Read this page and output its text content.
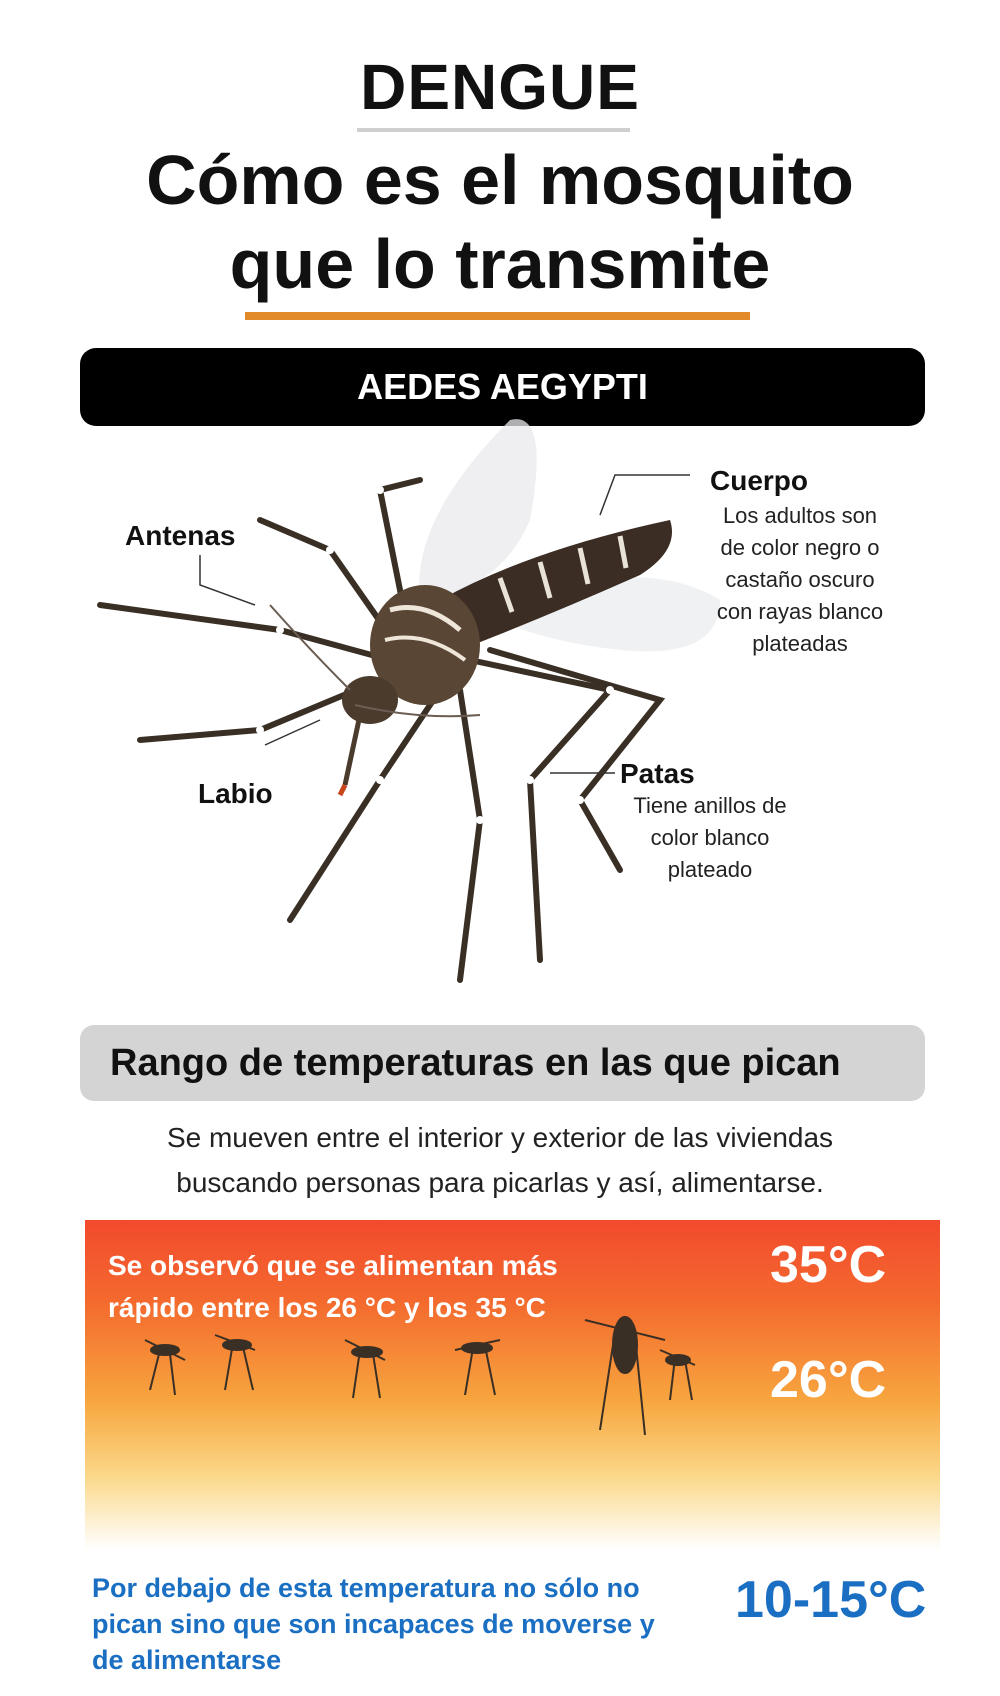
DENGUE
Cómo es el mosquito
que lo transmite
AEDES AEGYPTI
Antenas
Labio
Cuerpo
Los adultos son
de color negro o
castaño oscuro
con rayas blanco
plateadas
Patas
Tiene anillos de
color blanco
plateado
Rango de temperaturas en las que pican
Se mueven entre el interior y exterior de las viviendas
buscando personas para picarlas y así, alimentarse.
Se observó que se alimentan más
rápido entre los 26 °C y los 35 °C
35°C
26°C
Por debajo de esta temperatura no sólo no
pican sino que son incapaces de moverse y
de alimentarse
10-15°C
